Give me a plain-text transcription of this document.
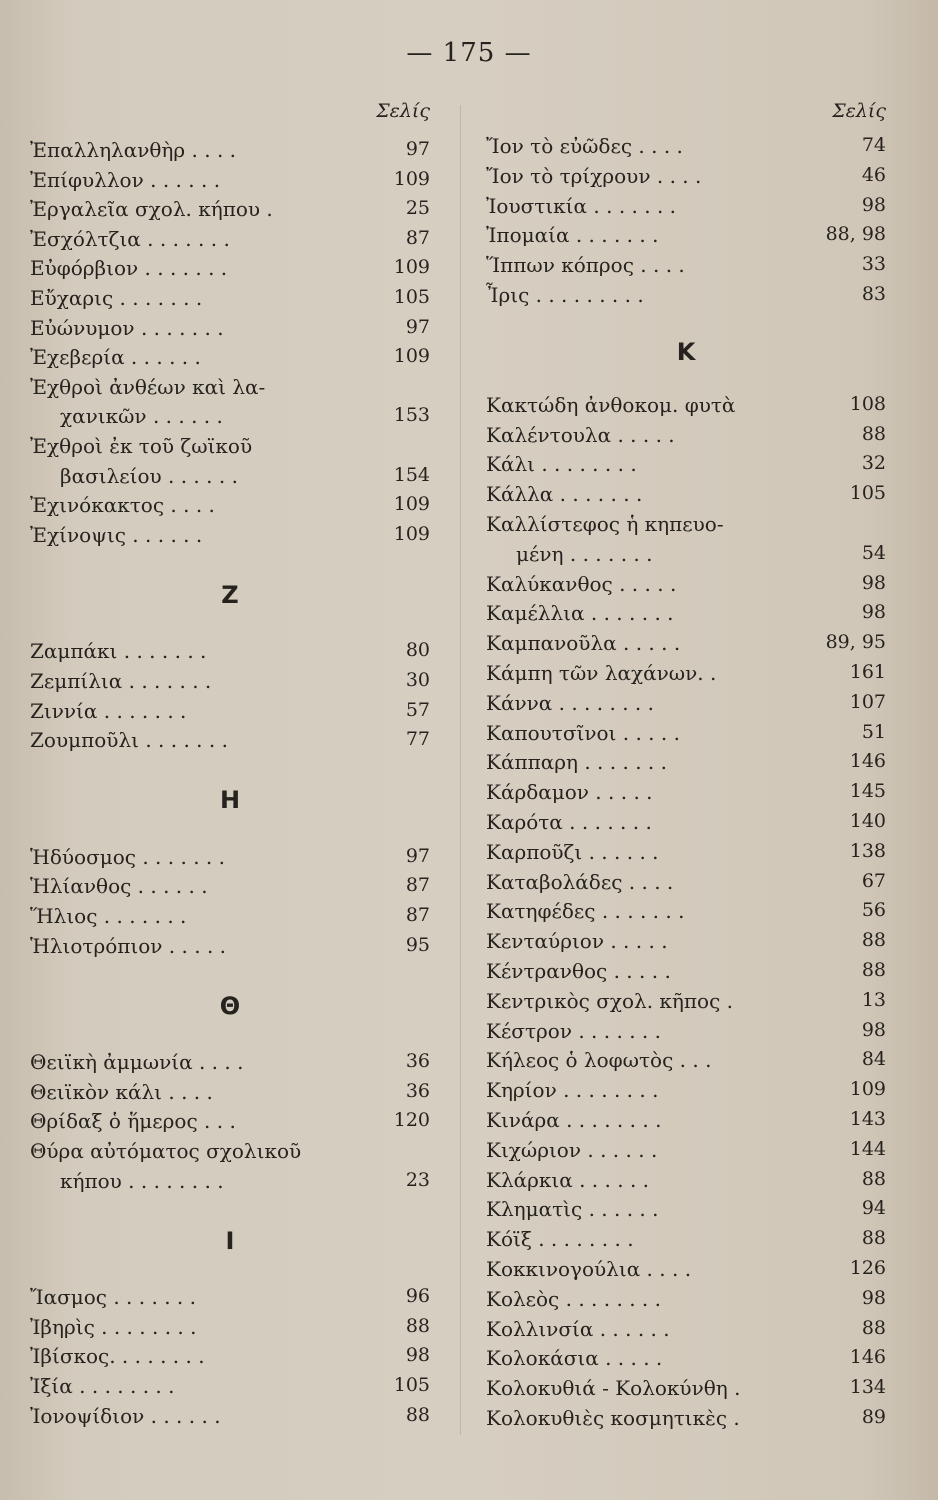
— 175 —
Σελίς
Ἐπαλληλανθὴρ . . . .	97
Ἐπίφυλλον . . . . . .	109
Ἐργαλεῖα σχολ. κήπου .	25
Ἐσχόλτζια . . . . . . .	87
Εὐφόρβιον . . . . . . .	109
Εὔχαρις . . . . . . .	105
Εὐώνυμον . . . . . . .	97
Ἐχεβερία . . . . . .	109
Ἐχθροὶ ἀνθέων καὶ λα-
χανικῶν . . . . . .	153
Ἐχθροὶ ἐκ τοῦ ζωϊκοῦ
βασιλείου . . . . . .	154
Ἐχινόκακτος . . . .	109
Ἐχίνοψις . . . . . .	109
Ζ
Ζαμπάκι . . . . . . .	80
Ζεμπίλια . . . . . . .	30
Ζιννία . . . . . . .	57
Ζουμποῦλι . . . . . . .	77
Η
Ἡδύοσμος . . . . . . .	97
Ἡλίανθος . . . . . .	87
Ἥλιος . . . . . . .	87
Ἡλιοτρόπιον . . . . .	95
Θ
Θειϊκὴ ἀμμωνία . . . .	36
Θειϊκὸν κάλι . . . .	36
Θρίδαξ ὁ ἥμερος . . .	120
Θύρα αὐτόματος σχολικοῦ
κήπου . . . . . . . .	23
Ι
Ἴασμος . . . . . . .	96
Ἰβηρὶς . . . . . . . .	88
Ἰβίσκος. . . . . . . .	98
Ἰξία . . . . . . . .	105
Ἰονοψίδιον . . . . . .	88
Σελίς
Ἴον τὸ εὐῶδες . . . .	74
Ἴον τὸ τρίχρουν . . . .	46
Ἰουστικία . . . . . . .	98
Ἰπομαία . . . . . . .	88, 98
Ἵππων κόπρος . . . .	33
Ἶρις . . . . . . . . .	83
Κ
Κακτώδη ἀνθοκομ. φυτὰ	108
Καλέντουλα . . . . .	88
Κάλι . . . . . . . .	32
Κάλλα . . . . . . .	105
Καλλίστεφος ἡ κηπευο-
μένη . . . . . . .	54
Καλύκανθος . . . . .	98
Καμέλλια . . . . . . .	98
Καμπανοῦλα . . . . .	89, 95
Κάμπη τῶν λαχάνων. .	161
Κάννα . . . . . . . .	107
Καπουτσῖνοι . . . . .	51
Κάππαρη . . . . . . .	146
Κάρδαμον . . . . .	145
Καρότα . . . . . . .	140
Καρποῦζι . . . . . .	138
Καταβολάδες . . . .	67
Κατηφέδες . . . . . . .	56
Κενταύριον . . . . .	88
Κέντρανθος . . . . .	88
Κεντρικὸς σχολ. κῆπος .	13
Κέστρον . . . . . . .	98
Κήλεος ὁ λοφωτὸς . . .	84
Κηρίον . . . . . . . .	109
Κινάρα . . . . . . . .	143
Κιχώριον . . . . . .	144
Κλάρκια . . . . . .	88
Κληματὶς . . . . . .	94
Κόϊξ . . . . . . . .	88
Κοκκινογούλια . . . .	126
Κολεὸς . . . . . . . .	98
Κολλινσία . . . . . .	88
Κολοκάσια . . . . .	146
Κολοκυθιά - Κολοκύνθη .	134
Κολοκυθιὲς κοσμητικὲς .	89
